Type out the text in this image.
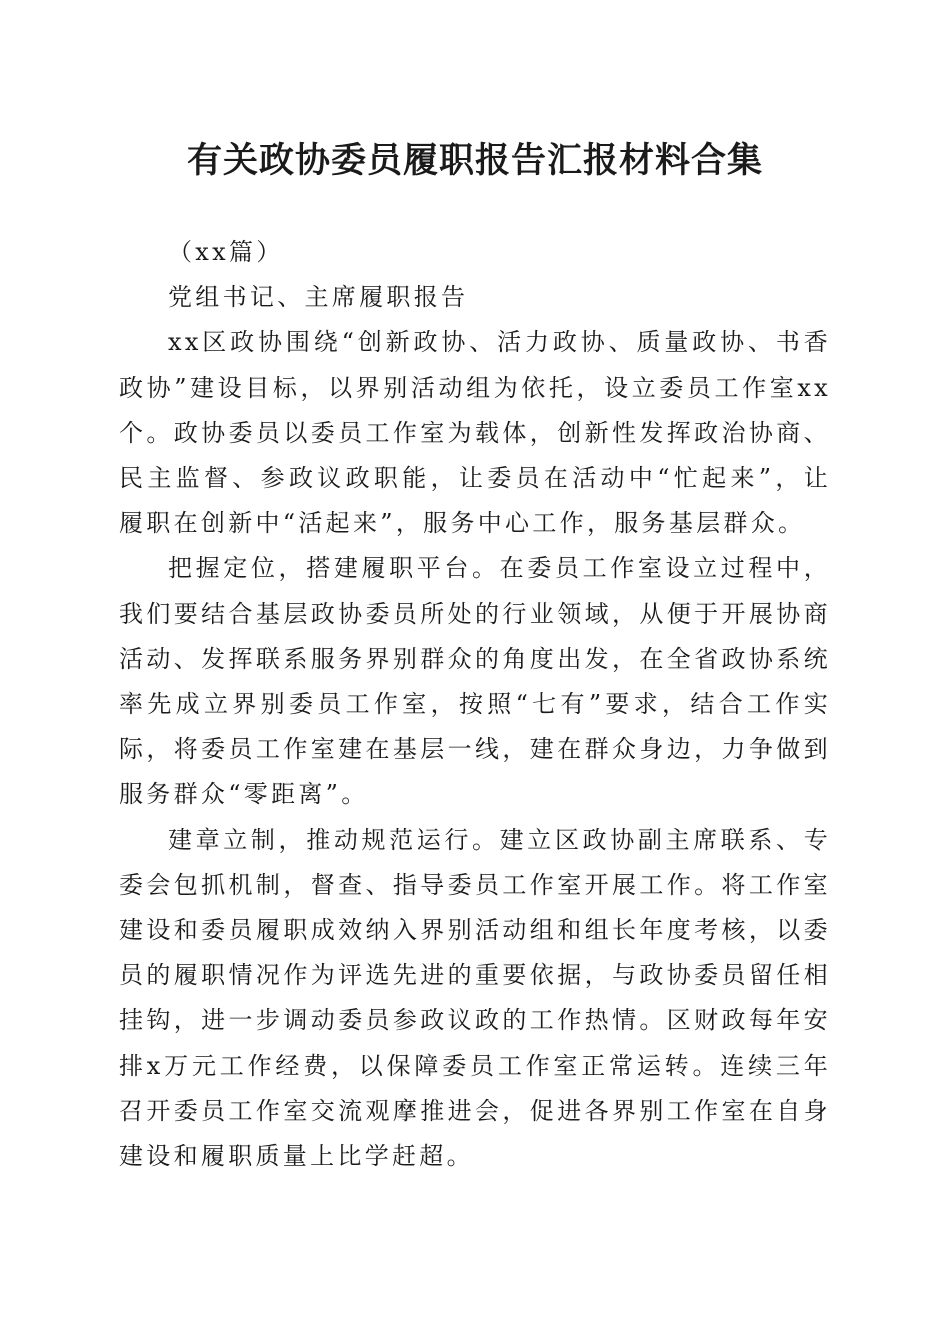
有关政协委员履职报告汇报材料合集

（xx篇）

党组书记、主席履职报告

xx区政协围绕“创新政协、活力政协、质量政协、书香政协”建设目标，以界别活动组为依托，设立委员工作室xx个。政协委员以委员工作室为载体，创新性发挥政治协商、民主监督、参政议政职能，让委员在活动中“忙起来”，让履职在创新中“活起来”，服务中心工作，服务基层群众。

把握定位，搭建履职平台。在委员工作室设立过程中，我们要结合基层政协委员所处的行业领域，从便于开展协商活动、发挥联系服务界别群众的角度出发，在全省政协系统率先成立界别委员工作室，按照“七有”要求，结合工作实际，将委员工作室建在基层一线，建在群众身边，力争做到服务群众“零距离”。

建章立制，推动规范运行。建立区政协副主席联系、专委会包抓机制，督查、指导委员工作室开展工作。将工作室建设和委员履职成效纳入界别活动组和组长年度考核，以委员的履职情况作为评选先进的重要依据，与政协委员留任相挂钩，进一步调动委员参政议政的工作热情。区财政每年安排x万元工作经费，以保障委员工作室正常运转。连续三年召开委员工作室交流观摩推进会，促进各界别工作室在自身建设和履职质量上比学赶超。
